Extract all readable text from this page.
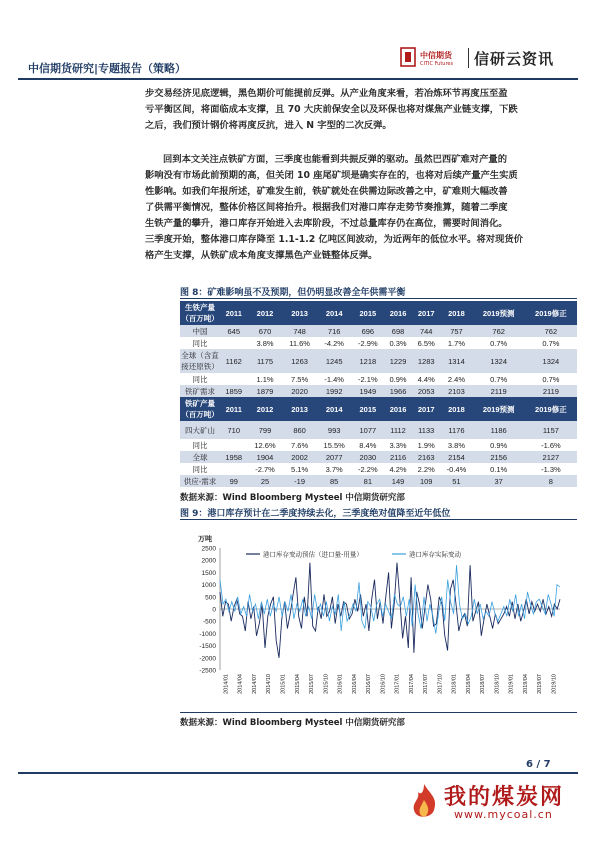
中信期货研究|专题报告（策略）
中信期货
CITIC Futures 信研云资讯
步交易经济见底逻辑，黑色期价可能提前反弹。从产业角度来看，若冶炼环节再度压至盈
亏平衡区间，将面临成本支撑，且 70 大庆前保安全以及环保也将对煤焦产业链支撑，下跌
之后，我们预计钢价将再度反抗，进入 N 字型的二次反弹。
回到本文关注点铁矿方面，三季度也能看到共振反弹的驱动。虽然巴西矿难对产量的
影响没有市场此前预期的高，但关闭 10 座尾矿坝是确实存在的，也将对后续产量产生实质
性影响。如我们年报所述，矿难发生前，铁矿就处在供需边际改善之中，矿难则大幅改善
了供需平衡情况，整体价格区间将抬升。根据我们对港口库存走势节奏推算，随着二季度
生铁产量的攀升，港口库存开始进入去库阶段，不过总量库存仍在高位，需要时间消化。
三季度开始，整体港口库存降至 1.1-1.2 亿吨区间波动，为近两年的低位水平。将对现货价
格产生支撑，从铁矿成本角度支撑黑色产业链整体反弹。
图 8：矿难影响虽不及预期，但仍明显改善全年供需平衡
生铁产量（百万吨）	2011	2012	2013	2014	2015	2016	2017	2018	2019预测	2019修正
中国	645	670	748	716	696	698	744	757	762	762
同比		3.8%	11.6%	-4.2%	-2.9%	0.3%	6.5%	1.7%	0.7%	0.7%
全球（含直接还原铁）	1162	1175	1263	1245	1218	1229	1283	1314	1324	1324
同比		1.1%	7.5%	-1.4%	-2.1%	0.9%	4.4%	2.4%	0.7%	0.7%
铁矿需求	1859	1879	2020	1992	1949	1966	2053	2103	2119	2119
铁矿产量（百万吨）	2011	2012	2013	2014	2015	2016	2017	2018	2019预测	2019修正
四大矿山	710	799	860	993	1077	1112	1133	1176	1186	1157
同比		12.6%	7.6%	15.5%	8.4%	3.3%	1.9%	3.8%	0.9%	-1.6%
全球	1958	1904	2002	2077	2030	2116	2163	2154	2156	2127
同比		-2.7%	5.1%	3.7%	-2.2%	4.2%	2.2%	-0.4%	0.1%	-1.3%
供应-需求	99	25	-19	85	81	149	109	51	37	8
数据来源：Wind Bloomberg Mysteel 中信期货研究部
图 9：港口库存预计在二季度持续去化，三季度绝对值降至近年低位
万吨
2500
2000
1500
1000
500
0
-500
-1000
-1500
-2000
-2500
2014/01 2014/04 2014/07 2014/10 2015/01 2015/04 2015/07 2015/10 2016/01 2016/04 2016/07 2016/10 2017/01 2017/04 2017/07 2017/10 2018/01 2018/04 2018/07 2018/10 2019/01 2019/04 2019/07 2019/10
港口库存变动预估（进口量-用量）	港口库存实际变动
数据来源：Wind Bloomberg Mysteel 中信期货研究部
6 / 7
我的煤炭网
www.mycoal.cn
